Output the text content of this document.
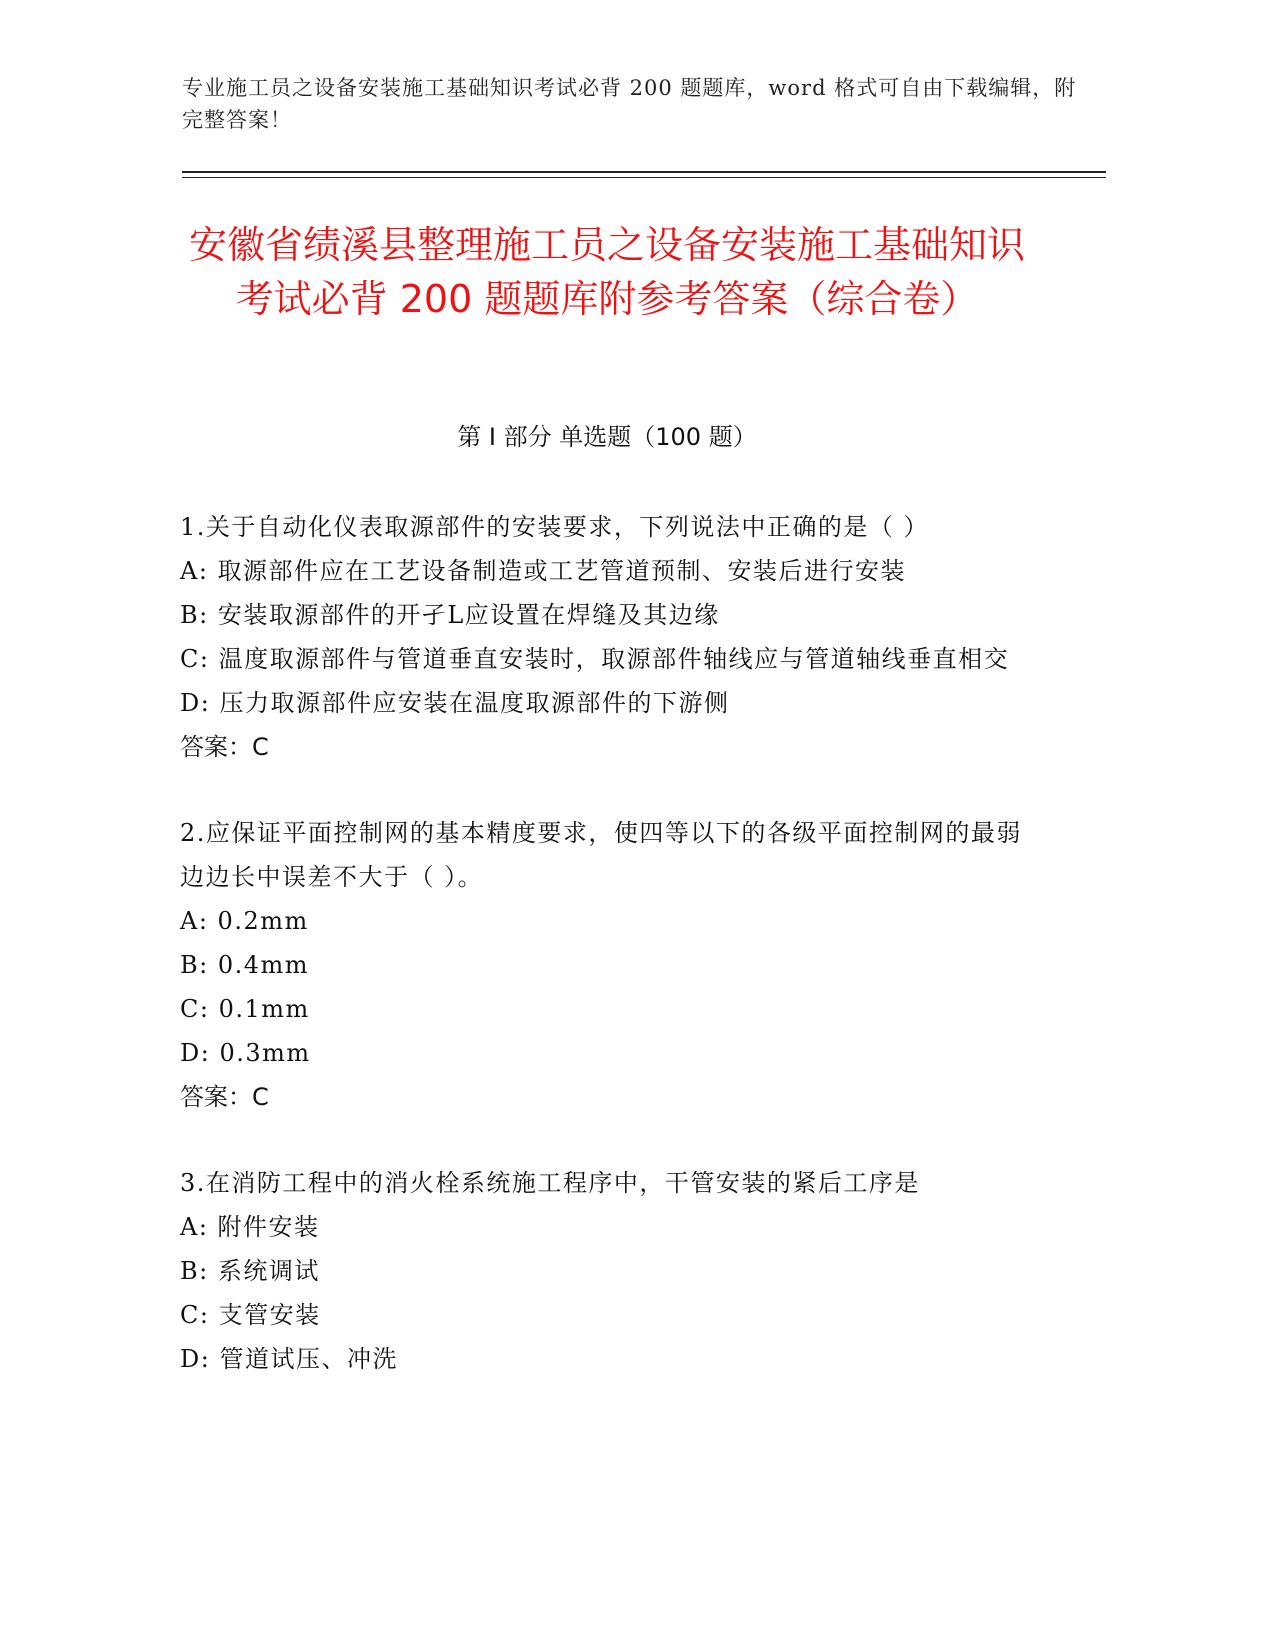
专业施工员之设备安装施工基础知识考试必背 200 题题库，word 格式可自由下载编辑，附完整答案！
安徽省绩溪县整理施工员之设备安装施工基础知识考试必背 200 题题库附参考答案（综合卷）
第 I 部分 单选题（100 题）
1.关于自动化仪表取源部件的安装要求，下列说法中正确的是（ ）
A: 取源部件应在工艺设备制造或工艺管道预制、安装后进行安装
B: 安装取源部件的开孑L应设置在焊缝及其边缘
C: 温度取源部件与管道垂直安装时，取源部件轴线应与管道轴线垂直相交
D: 压力取源部件应安装在温度取源部件的下游侧
答案：C
2.应保证平面控制网的基本精度要求，使四等以下的各级平面控制网的最弱边边长中误差不大于（ ）。
A: 0.2mm
B: 0.4mm
C: 0.1mm
D: 0.3mm
答案：C
3.在消防工程中的消火栓系统施工程序中，干管安装的紧后工序是
A: 附件安装
B: 系统调试
C: 支管安装
D: 管道试压、冲洗
